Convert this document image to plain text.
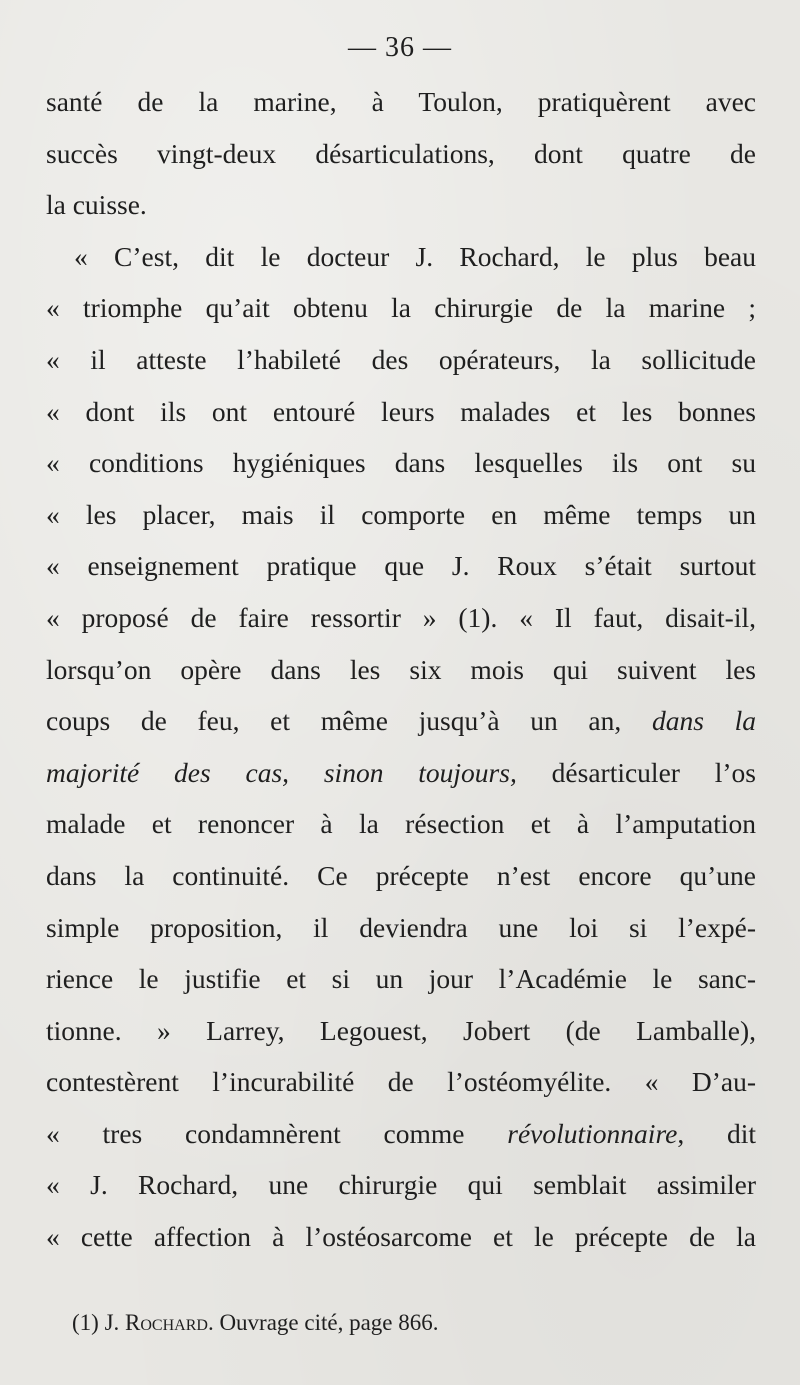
— 36 —
santé de la marine, à Toulon, pratiquèrent avec
succès vingt-deux désarticulations, dont quatre de
la cuisse.
« C’est, dit le docteur J. Rochard, le plus beau
« triomphe qu’ait obtenu la chirurgie de la marine ;
« il atteste l’habileté des opérateurs, la sollicitude
« dont ils ont entouré leurs malades et les bonnes
« conditions hygiéniques dans lesquelles ils ont su
« les placer, mais il comporte en même temps un
« enseignement pratique que J. Roux s’était surtout
« proposé de faire ressortir » (1). « Il faut, disait-il,
lorsqu’on opère dans les six mois qui suivent les
coups de feu, et même jusqu’à un an, dans la
majorité des cas, sinon toujours, désarticuler l’os
malade et renoncer à la résection et à l’amputation
dans la continuité. Ce précepte n’est encore qu’une
simple proposition, il deviendra une loi si l’expé-
rience le justifie et si un jour l’Académie le sanc-
tionne. » Larrey, Legouest, Jobert (de Lamballe),
contestèrent l’incurabilité de l’ostéomyélite. « D’au-
« tres condamnèrent comme révolutionnaire, dit
« J. Rochard, une chirurgie qui semblait assimiler
« cette affection à l’ostéosarcome et le précepte de la
(1) J. Rochard. Ouvrage cité, page 866.
